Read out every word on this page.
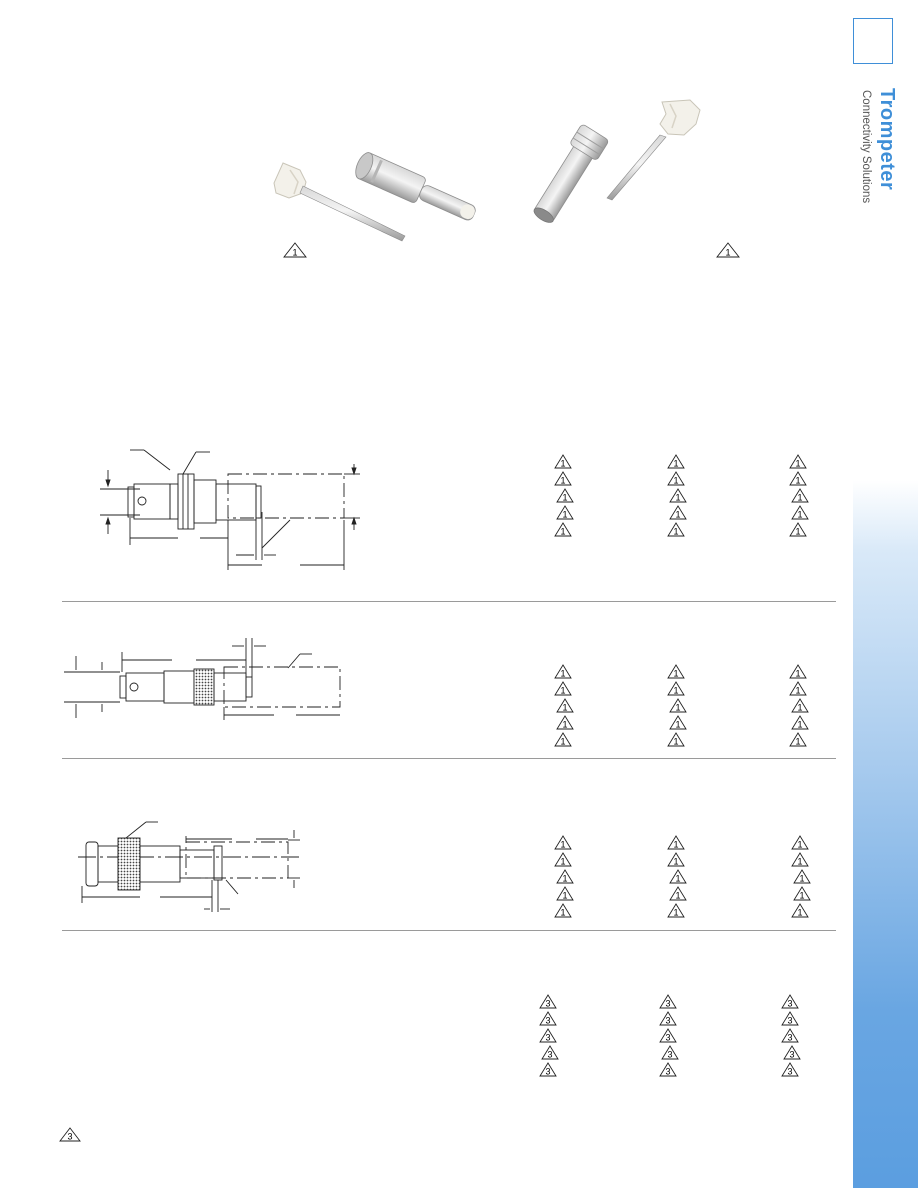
Connectivity Solutions Trompeter
1	1
1	1	1
1	1	1
1	1	1
1	1	1
1	1	1
1	1	1
1	1	1
1	1	1
1	1	1
1	1	1
1	1	1
1	1	1
1	1	1
1	1	1
1	1	1
3	3	3
3	3	3
3	3	3
3	3	3
3	3	3
3
